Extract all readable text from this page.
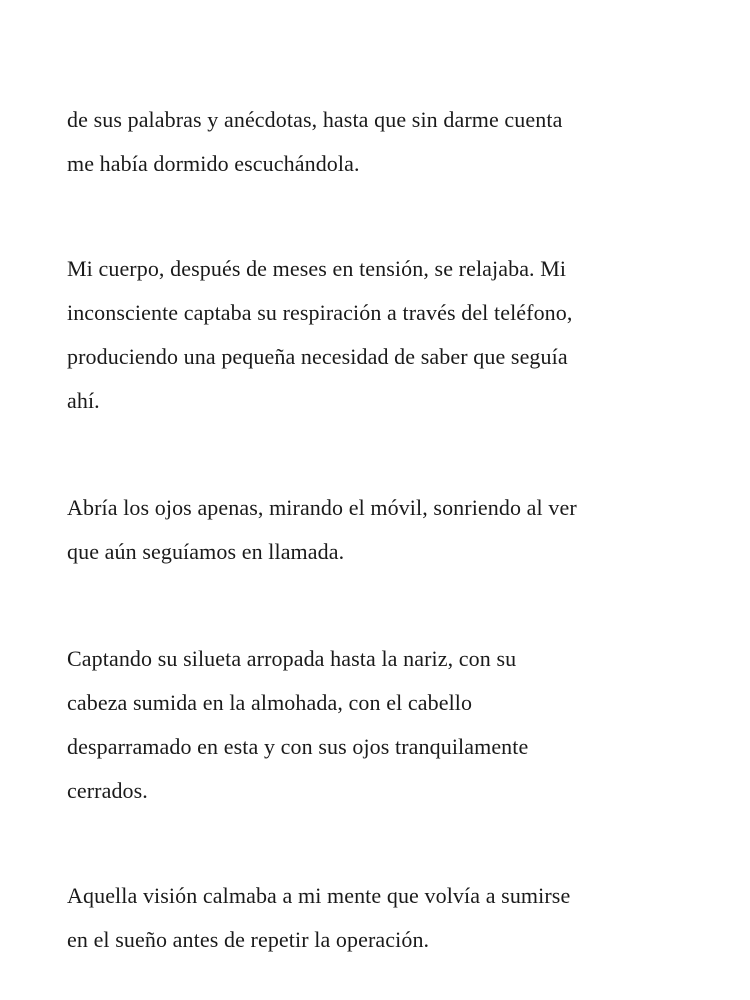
de sus palabras y anécdotas, hasta que sin darme cuenta
me había dormido escuchándola.

Mi cuerpo, después de meses en tensión, se relajaba. Mi
inconsciente captaba su respiración a través del teléfono,
produciendo una pequeña necesidad de saber que seguía
ahí.

Abría los ojos apenas, mirando el móvil, sonriendo al ver
que aún seguíamos en llamada.

Captando su silueta arropada hasta la nariz, con su
cabeza sumida en la almohada, con el cabello
desparramado en esta y con sus ojos tranquilamente
cerrados.

Aquella visión calmaba a mi mente que volvía a sumirse
en el sueño antes de repetir la operación.
